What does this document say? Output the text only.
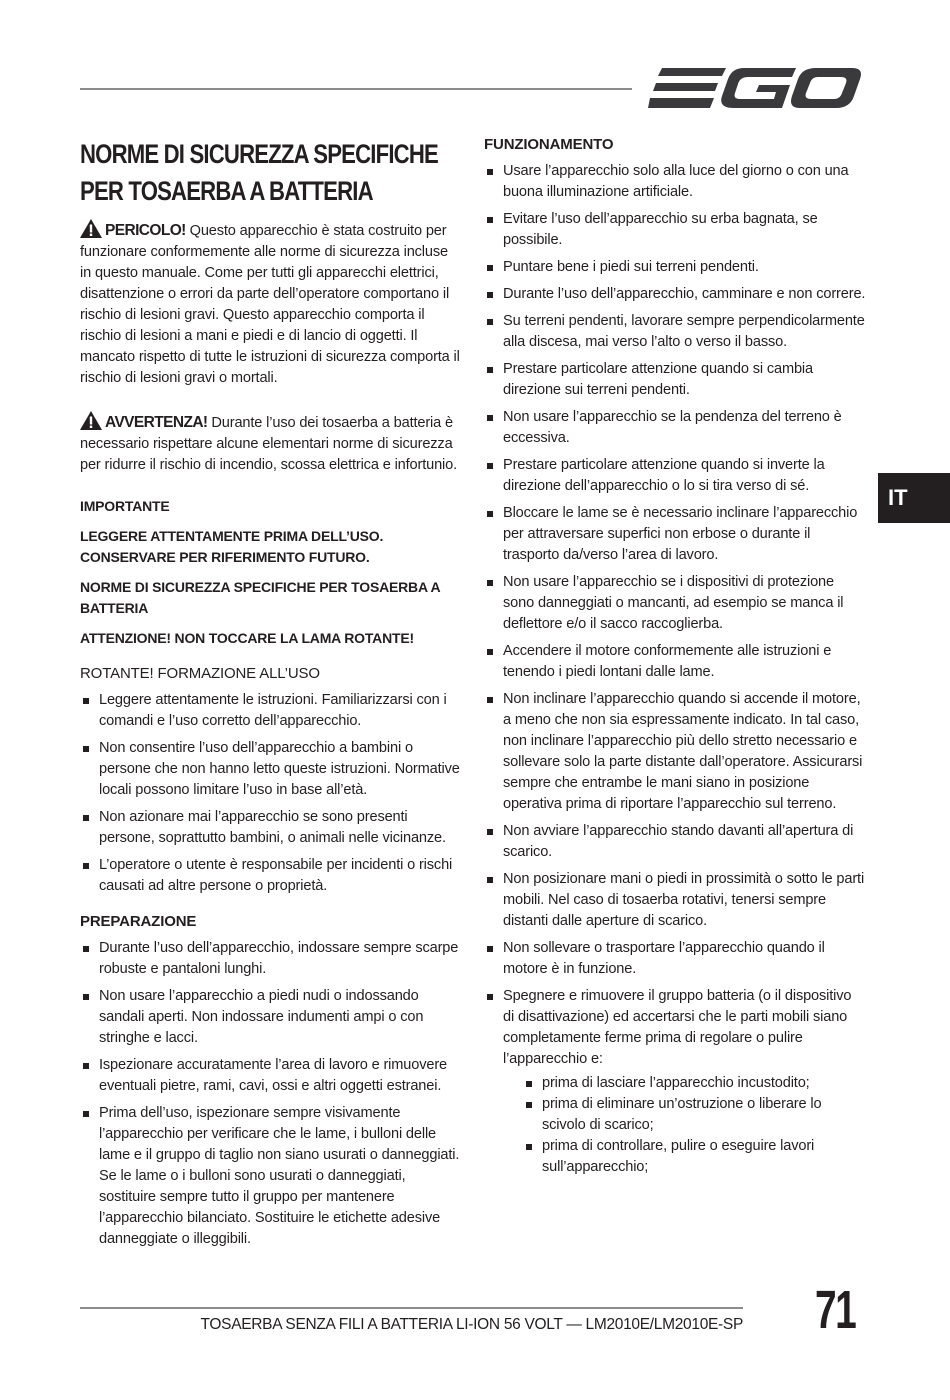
IT
NORME DI SICUREZZA SPECIFICHE PER TOSAERBA A BATTERIA

PERICOLO! Questo apparecchio è stata costruito per funzionare conformemente alle norme di sicurezza incluse in questo manuale. Come per tutti gli apparecchi elettrici, disattenzione o errori da parte dell’operatore comportano il rischio di lesioni gravi. Questo apparecchio comporta il rischio di lesioni a mani e piedi e di lancio di oggetti. Il mancato rispetto di tutte le istruzioni di sicurezza comporta il rischio di lesioni gravi o mortali.

AVVERTENZA! Durante l’uso dei tosaerba a batteria è necessario rispettare alcune elementari norme di sicurezza per ridurre il rischio di incendio, scossa elettrica e infortunio.

IMPORTANTE
LEGGERE ATTENTAMENTE PRIMA DELL’USO. CONSERVARE PER RIFERIMENTO FUTURO.
NORME DI SICUREZZA SPECIFICHE PER TOSAERBA A BATTERIA
ATTENZIONE! NON TOCCARE LA LAMA ROTANTE!
ROTANTE! FORMAZIONE ALL’USO
Leggere attentamente le istruzioni. Familiarizzarsi con i comandi e l’uso corretto dell’apparecchio.
Non consentire l’uso dell’apparecchio a bambini o persone che non hanno letto queste istruzioni. Normative locali possono limitare l’uso in base all’età.
Non azionare mai l’apparecchio se sono presenti persone, soprattutto bambini, o animali nelle vicinanze.
L’operatore o utente è responsabile per incidenti o rischi causati ad altre persone o proprietà.
PREPARAZIONE
Durante l’uso dell’apparecchio, indossare sempre scarpe robuste e pantaloni lunghi.
Non usare l’apparecchio a piedi nudi o indossando sandali aperti. Non indossare indumenti ampi o con stringhe e lacci.
Ispezionare accuratamente l’area di lavoro e rimuovere eventuali pietre, rami, cavi, ossi e altri oggetti estranei.
Prima dell’uso, ispezionare sempre visivamente l’apparecchio per verificare che le lame, i bulloni delle lame e il gruppo di taglio non siano usurati o danneggiati. Se le lame o i bulloni sono usurati o danneggiati, sostituire sempre tutto il gruppo per mantenere l’apparecchio bilanciato. Sostituire le etichette adesive danneggiate o illeggibili.
FUNZIONAMENTO
Usare l’apparecchio solo alla luce del giorno o con una buona illuminazione artificiale.
Evitare l’uso dell’apparecchio su erba bagnata, se possibile.
Puntare bene i piedi sui terreni pendenti.
Durante l’uso dell’apparecchio, camminare e non correre.
Su terreni pendenti, lavorare sempre perpendicolarmente alla discesa, mai verso l’alto o verso il basso.
Prestare particolare attenzione quando si cambia direzione sui terreni pendenti.
Non usare l’apparecchio se la pendenza del terreno è eccessiva.
Prestare particolare attenzione quando si inverte la direzione dell’apparecchio o lo si tira verso di sé.
Bloccare le lame se è necessario inclinare l’apparecchio per attraversare superfici non erbose o durante il trasporto da/verso l’area di lavoro.
Non usare l’apparecchio se i dispositivi di protezione sono danneggiati o mancanti, ad esempio se manca il deflettore e/o il sacco raccoglierba.
Accendere il motore conformemente alle istruzioni e tenendo i piedi lontani dalle lame.
Non inclinare l’apparecchio quando si accende il motore, a meno che non sia espressamente indicato. In tal caso, non inclinare l’apparecchio più dello stretto necessario e sollevare solo la parte distante dall’operatore. Assicurarsi sempre che entrambe le mani siano in posizione operativa prima di riportare l’apparecchio sul terreno.
Non avviare l’apparecchio stando davanti all’apertura di scarico.
Non posizionare mani o piedi in prossimità o sotto le parti mobili. Nel caso di tosaerba rotativi, tenersi sempre distanti dalle aperture di scarico.
Non sollevare o trasportare l’apparecchio quando il motore è in funzione.
Spegnere e rimuovere il gruppo batteria (o il dispositivo di disattivazione) ed accertarsi che le parti mobili siano completamente ferme prima di regolare o pulire l’apparecchio e:
prima di lasciare l’apparecchio incustodito;
prima di eliminare un’ostruzione o liberare lo scivolo di scarico;
prima di controllare, pulire o eseguire lavori sull’apparecchio;
TOSAERBA SENZA FILI A BATTERIA LI-ION 56 VOLT — LM2010E/LM2010E-SP 71
